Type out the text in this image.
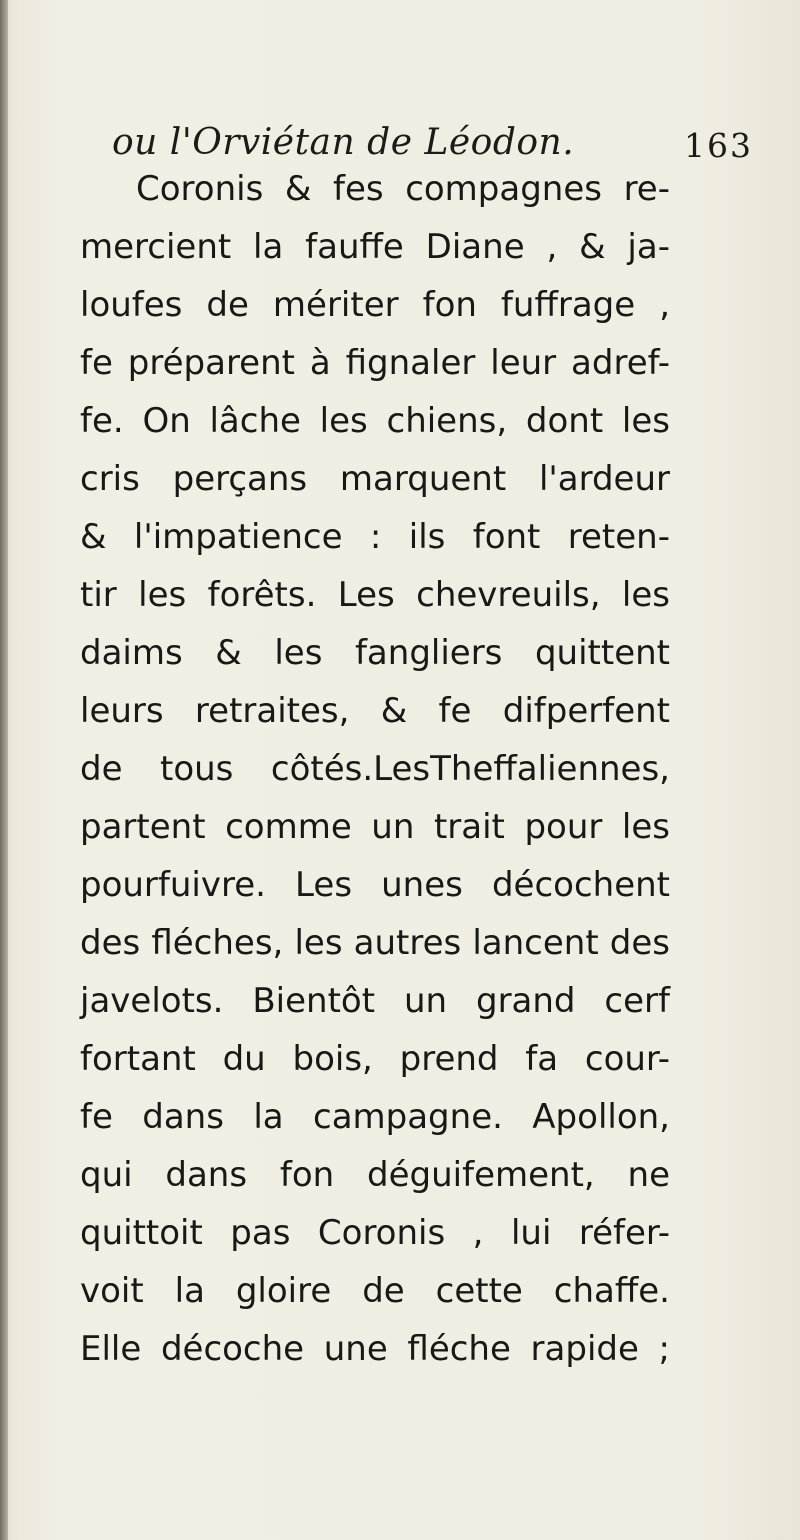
ou l'Orviétan de Léodon.	163
Coronis & fes compagnes re-
mercient la fauffe Diane , & ja-
loufes de mériter fon fuffrage ,
fe préparent à fignaler leur adref-
fe. On lâche les chiens, dont les
cris perçans marquent l'ardeur
& l'impatience : ils font reten-
tir les forêts. Les chevreuils, les
daims & les fangliers quittent
leurs retraites, & fe difperfent
de tous côtés.LesTheffaliennes,
partent comme un trait pour les
pourfuivre. Les unes décochent
des fléches, les autres lancent des
javelots. Bientôt un grand cerf
fortant du bois, prend fa cour-
fe dans la campagne. Apollon,
qui dans fon déguifement, ne
quittoit pas Coronis , lui réfer-
voit la gloire de cette chaffe.
Elle décoche une fléche rapide ;
